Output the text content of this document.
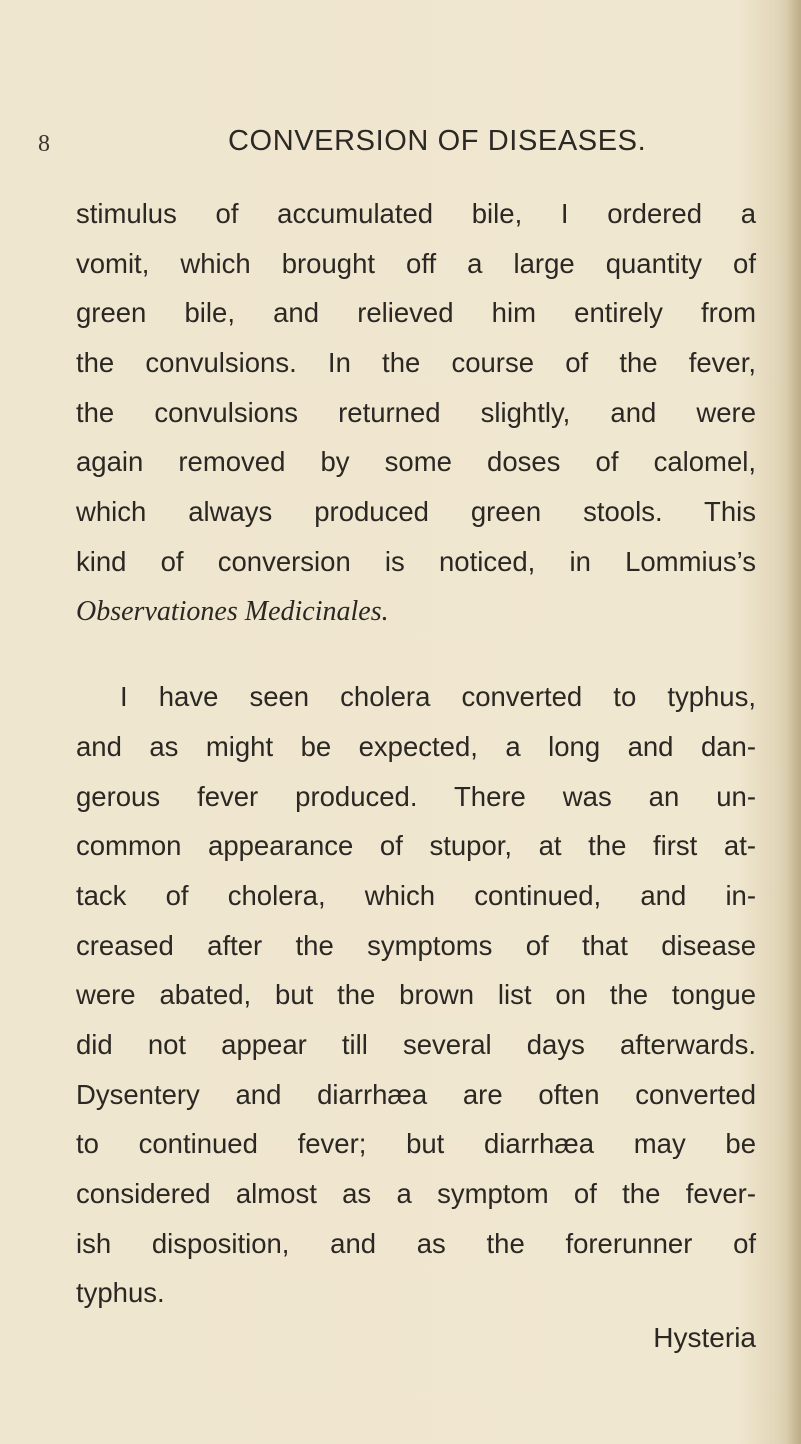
8	CONVERSION OF DISEASES.
stimulus of accumulated bile, I ordered a
vomit, which brought off a large quantity of
green bile, and relieved him entirely from
the convulsions. In the course of the fever,
the convulsions returned slightly, and were
again removed by some doses of calomel,
which always produced green stools. This
kind of conversion is noticed, in Lommius’s
Observationes Medicinales.
I have seen cholera converted to typhus,
and as might be expected, a long and dan-
gerous fever produced. There was an un-
common appearance of stupor, at the first at-
tack of cholera, which continued, and in-
creased after the symptoms of that disease
were abated, but the brown list on the tongue
did not appear till several days afterwards.
Dysentery and diarrhæa are often converted
to continued fever; but diarrhæa may be
considered almost as a symptom of the fever-
ish disposition, and as the forerunner of
typhus.
Hysteria
